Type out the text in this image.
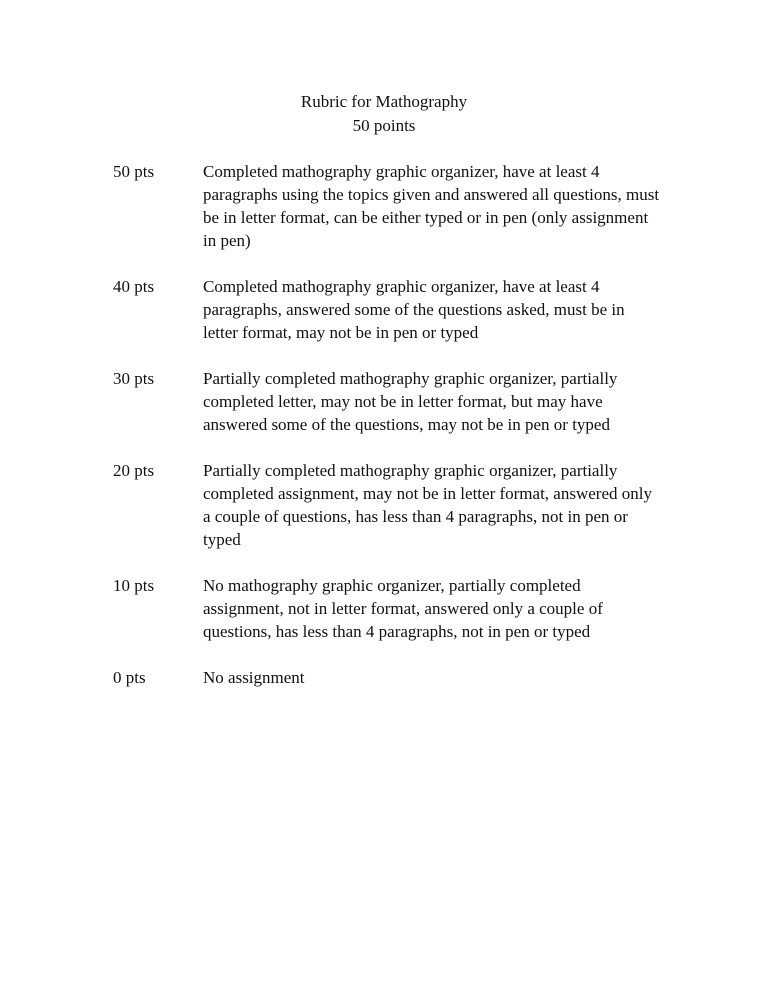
Rubric for Mathography
50 points
50 pts	Completed mathography graphic organizer, have at least 4 paragraphs using the topics given and answered all questions, must be in letter format, can be either typed or in pen (only assignment in pen)
40 pts	Completed mathography graphic organizer, have at least 4 paragraphs, answered some of the questions asked, must be in letter format, may not be in pen or typed
30 pts	Partially completed mathography graphic organizer, partially completed letter, may not be in letter format, but may have answered some of the questions, may not be in pen or typed
20 pts	Partially completed mathography graphic organizer, partially completed assignment, may not be in letter format, answered only a couple of questions, has less than 4 paragraphs, not in pen or typed
10 pts	No mathography graphic organizer, partially completed assignment, not in letter format, answered only a couple of questions, has less than 4 paragraphs, not in pen or typed
0 pts	No assignment
